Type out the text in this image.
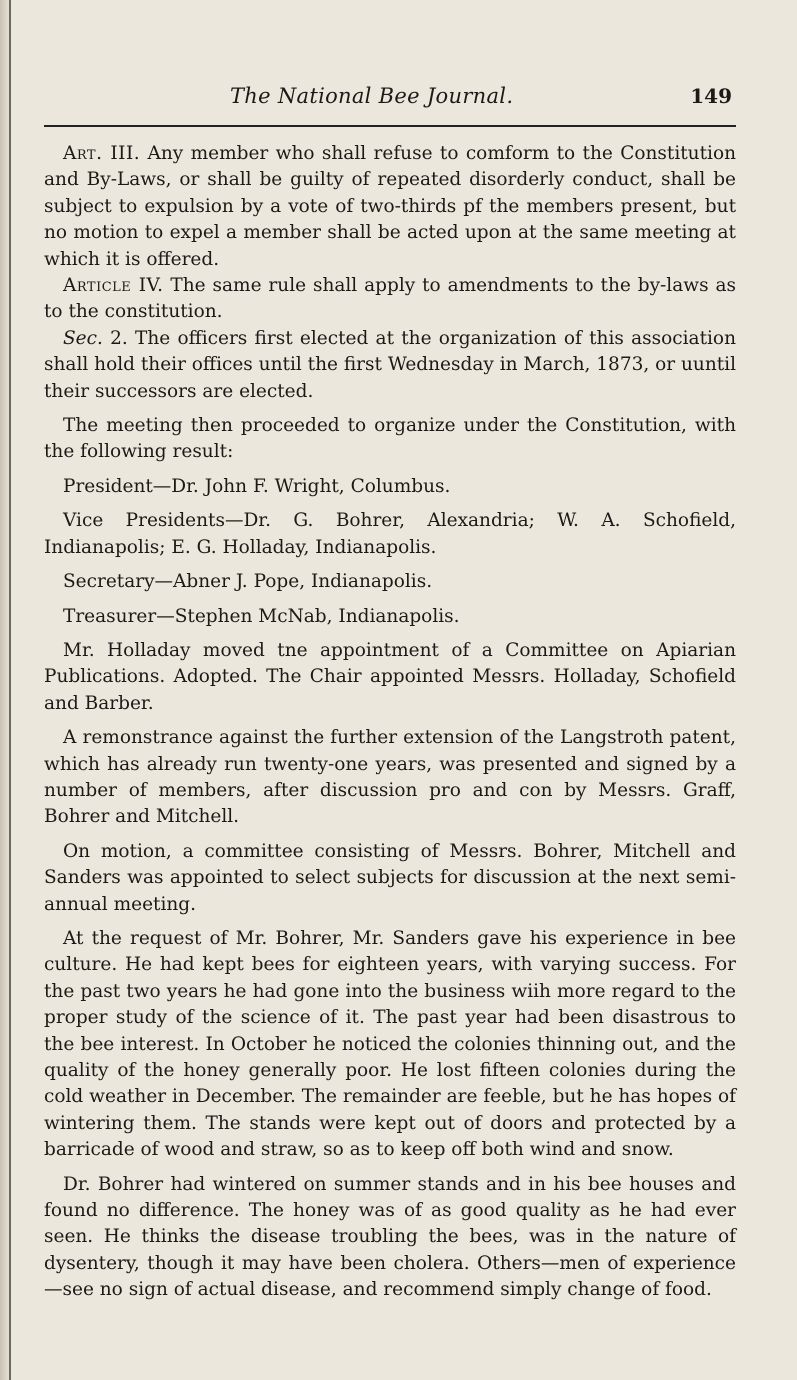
The National Bee Journal.	149

Art. III. Any member who shall refuse to comform to the Constitution and By-Laws, or shall be guilty of repeated disorderly conduct, shall be subject to expulsion by a vote of two-thirds pf the members present, but no motion to expel a member shall be acted upon at the same meeting at which it is offered.

Article IV. The same rule shall apply to amendments to the by-laws as to the constitution.

Sec. 2. The officers first elected at the organization of this association shall hold their offices until the first Wednesday in March, 1873, or uuntil their successors are elected.

The meeting then proceeded to organize under the Constitution, with the following result:

President—Dr. John F. Wright, Columbus.

Vice Presidents—Dr. G. Bohrer, Alexandria; W. A. Schofield, Indianapolis; E. G. Holladay, Indianapolis.

Secretary—Abner J. Pope, Indianapolis.

Treasurer—Stephen McNab, Indianapolis.

Mr. Holladay moved tne appointment of a Committee on Apiarian Publications. Adopted. The Chair appointed Messrs. Holladay, Schofield and Barber.

A remonstrance against the further extension of the Langstroth patent, which has already run twenty-one years, was presented and signed by a number of members, after discussion pro and con by Messrs. Graff, Bohrer and Mitchell.

On motion, a committee consisting of Messrs. Bohrer, Mitchell and Sanders was appointed to select subjects for discussion at the next semi-annual meeting.

At the request of Mr. Bohrer, Mr. Sanders gave his experience in bee culture. He had kept bees for eighteen years, with varying success. For the past two years he had gone into the business wiih more regard to the proper study of the science of it. The past year had been disastrous to the bee interest. In October he noticed the colonies thinning out, and the quality of the honey generally poor. He lost fifteen colonies during the cold weather in December. The remainder are feeble, but he has hopes of wintering them. The stands were kept out of doors and protected by a barricade of wood and straw, so as to keep off both wind and snow.

Dr. Bohrer had wintered on summer stands and in his bee houses and found no difference. The honey was of as good quality as he had ever seen. He thinks the disease troubling the bees, was in the nature of dysentery, though it may have been cholera. Others—men of experience—see no sign of actual disease, and recommend simply change of food.
